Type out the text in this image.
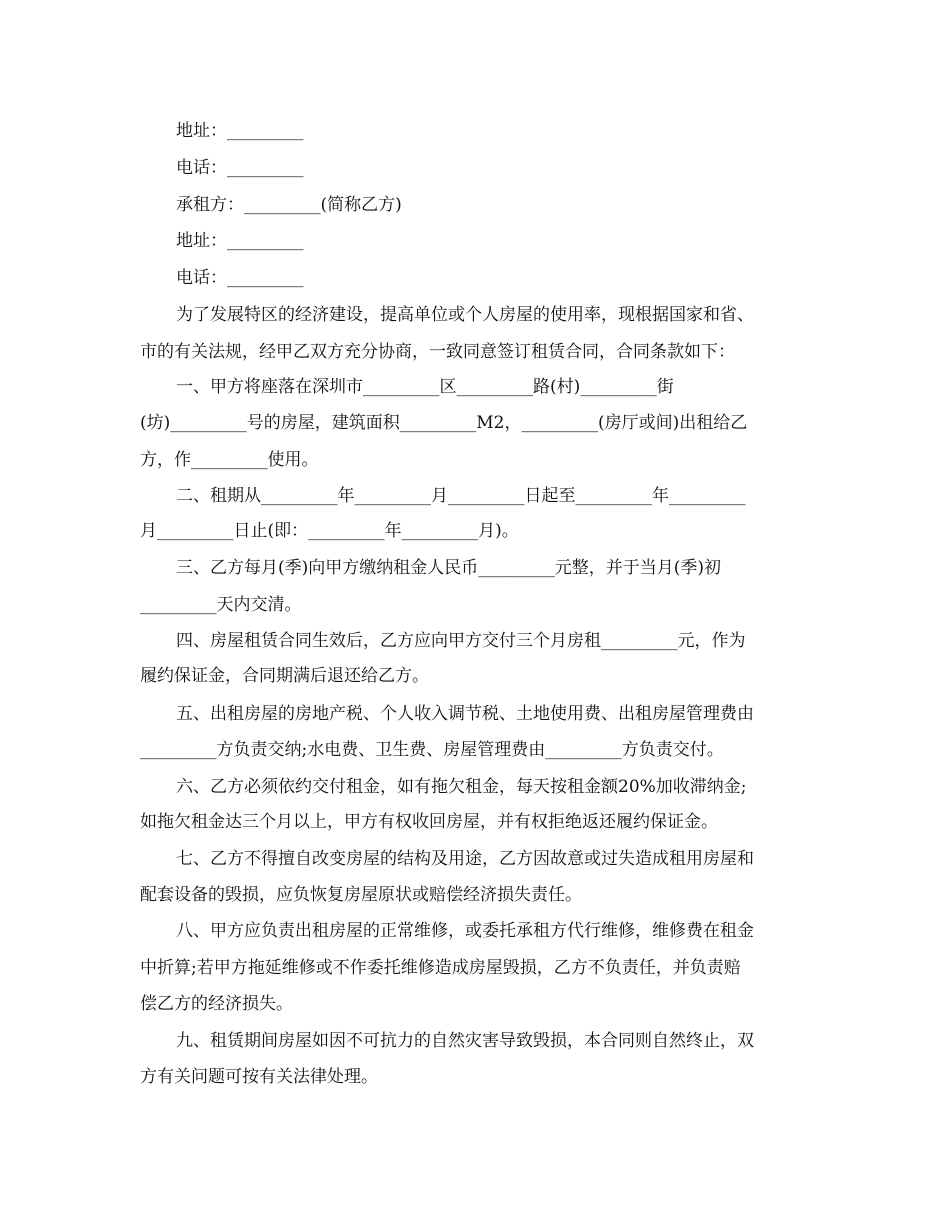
地址：_________
电话：_________
承租方：_________(简称乙方)
地址：_________
电话：_________
为了发展特区的经济建设，提高单位或个人房屋的使用率，现根据国家和省、
市的有关法规，经甲乙双方充分协商，一致同意签订租赁合同，合同条款如下：
一、甲方将座落在深圳市_________区_________路(村)_________街
(坊)_________号的房屋，建筑面积_________M2，_________(房厅或间)出租给乙
方，作_________使用。
二、租期从_________年_________月_________日起至_________年_________
月_________日止(即：_________年_________月)。
三、乙方每月(季)向甲方缴纳租金人民币_________元整，并于当月(季)初
_________天内交清。
四、房屋租赁合同生效后，乙方应向甲方交付三个月房租_________元，作为
履约保证金，合同期满后退还给乙方。
五、出租房屋的房地产税、个人收入调节税、土地使用费、出租房屋管理费由
_________方负责交纳;水电费、卫生费、房屋管理费由_________方负责交付。
六、乙方必须依约交付租金，如有拖欠租金，每天按租金额20%加收滞纳金;
如拖欠租金达三个月以上，甲方有权收回房屋，并有权拒绝返还履约保证金。
七、乙方不得擅自改变房屋的结构及用途，乙方因故意或过失造成租用房屋和
配套设备的毁损，应负恢复房屋原状或赔偿经济损失责任。
八、甲方应负责出租房屋的正常维修，或委托承租方代行维修，维修费在租金
中折算;若甲方拖延维修或不作委托维修造成房屋毁损，乙方不负责任，并负责赔
偿乙方的经济损失。
九、租赁期间房屋如因不可抗力的自然灾害导致毁损，本合同则自然终止，双
方有关问题可按有关法律处理。
